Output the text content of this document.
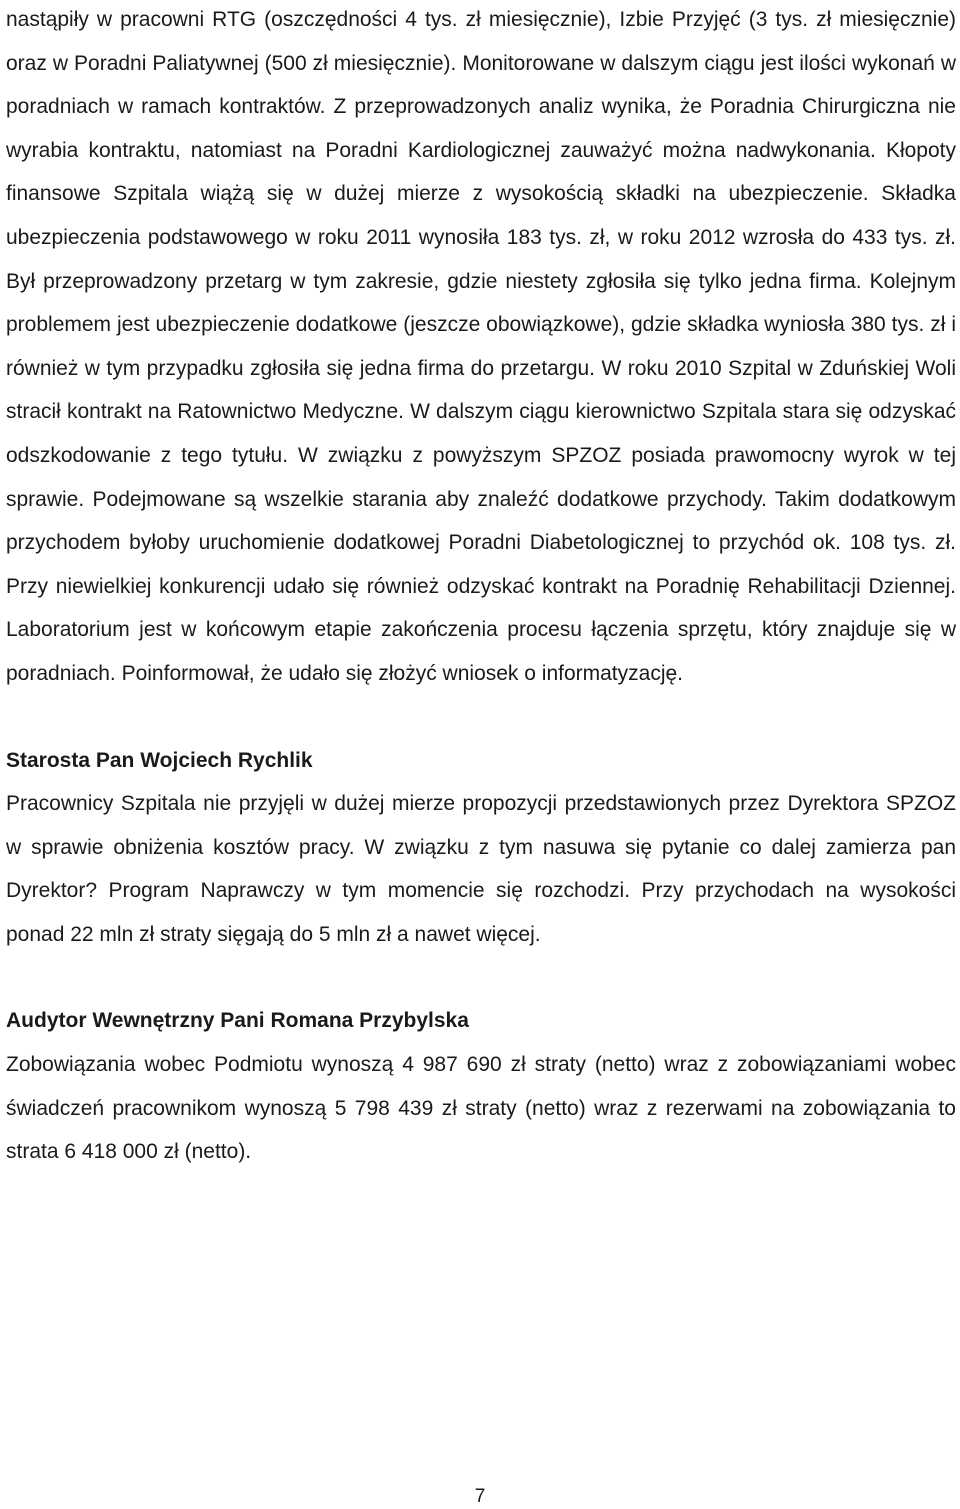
nastąpiły w pracowni RTG (oszczędności 4 tys. zł miesięcznie), Izbie Przyjęć (3 tys. zł miesięcznie) oraz w Poradni Paliatywnej (500 zł miesięcznie). Monitorowane w dalszym ciągu jest ilości wykonań w poradniach w ramach kontraktów. Z przeprowadzonych analiz wynika, że Poradnia Chirurgiczna nie wyrabia kontraktu, natomiast na Poradni Kardiologicznej zauważyć można nadwykonania. Kłopoty finansowe Szpitala wiążą się w dużej mierze z wysokością składki na ubezpieczenie. Składka ubezpieczenia podstawowego w roku 2011 wynosiła 183 tys. zł, w roku 2012 wzrosła do 433 tys. zł. Był przeprowadzony przetarg w tym zakresie, gdzie niestety zgłosiła się tylko jedna firma. Kolejnym problemem jest ubezpieczenie dodatkowe (jeszcze obowiązkowe), gdzie składka wyniosła 380 tys. zł i również w tym przypadku zgłosiła się jedna firma do przetargu. W roku 2010 Szpital w Zduńskiej Woli stracił kontrakt na Ratownictwo Medyczne. W dalszym ciągu kierownictwo Szpitala stara się odzyskać odszkodowanie z tego tytułu. W związku z powyższym SPZOZ posiada prawomocny wyrok w tej sprawie. Podejmowane są wszelkie starania aby znaleźć dodatkowe przychody. Takim dodatkowym przychodem byłoby uruchomienie dodatkowej Poradni Diabetologicznej to przychód ok. 108 tys. zł. Przy niewielkiej konkurencji udało się również odzyskać kontrakt na Poradnię Rehabilitacji Dziennej. Laboratorium jest w końcowym etapie zakończenia procesu łączenia sprzętu, który znajduje się w poradniach. Poinformował, że udało się złożyć wniosek o informatyzację.

Starosta Pan Wojciech Rychlik

Pracownicy Szpitala nie przyjęli w dużej mierze propozycji przedstawionych przez Dyrektora SPZOZ w sprawie obniżenia kosztów pracy. W związku z tym nasuwa się pytanie co dalej zamierza pan Dyrektor? Program Naprawczy w tym momencie się rozchodzi. Przy przychodach na wysokości ponad 22 mln zł straty sięgają do 5 mln zł a nawet więcej.

Audytor Wewnętrzny Pani Romana Przybylska

Zobowiązania wobec Podmiotu wynoszą 4 987 690 zł straty (netto) wraz z zobowiązaniami wobec świadczeń pracownikom wynoszą 5 798 439 zł straty (netto) wraz z rezerwami na zobowiązania to strata 6 418 000 zł (netto).

7
